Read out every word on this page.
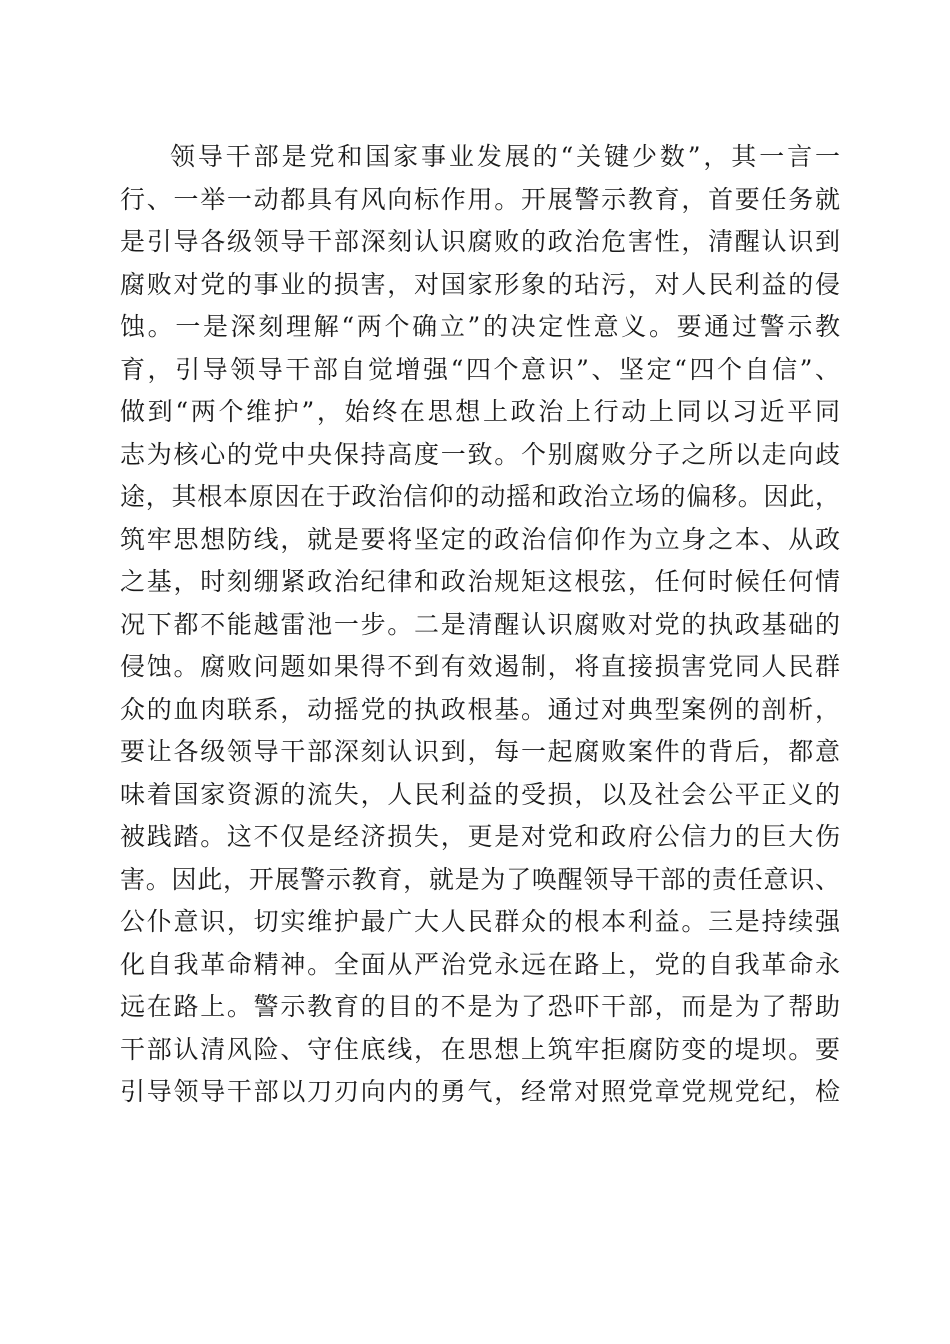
领导干部是党和国家事业发展的“关键少数”，其一言一
行、一举一动都具有风向标作用。开展警示教育，首要任务就
是引导各级领导干部深刻认识腐败的政治危害性，清醒认识到
腐败对党的事业的损害，对国家形象的玷污，对人民利益的侵
蚀。一是深刻理解“两个确立”的决定性意义。要通过警示教
育，引导领导干部自觉增强“四个意识”、坚定“四个自信”、
做到“两个维护”，始终在思想上政治上行动上同以习近平同
志为核心的党中央保持高度一致。个别腐败分子之所以走向歧
途，其根本原因在于政治信仰的动摇和政治立场的偏移。因此，
筑牢思想防线，就是要将坚定的政治信仰作为立身之本、从政
之基，时刻绷紧政治纪律和政治规矩这根弦，任何时候任何情
况下都不能越雷池一步。二是清醒认识腐败对党的执政基础的
侵蚀。腐败问题如果得不到有效遏制，将直接损害党同人民群
众的血肉联系，动摇党的执政根基。通过对典型案例的剖析，
要让各级领导干部深刻认识到，每一起腐败案件的背后，都意
味着国家资源的流失，人民利益的受损，以及社会公平正义的
被践踏。这不仅是经济损失，更是对党和政府公信力的巨大伤
害。因此，开展警示教育，就是为了唤醒领导干部的责任意识、
公仆意识，切实维护最广大人民群众的根本利益。三是持续强
化自我革命精神。全面从严治党永远在路上，党的自我革命永
远在路上。警示教育的目的不是为了恐吓干部，而是为了帮助
干部认清风险、守住底线，在思想上筑牢拒腐防变的堤坝。要
引导领导干部以刀刃向内的勇气，经常对照党章党规党纪，检
